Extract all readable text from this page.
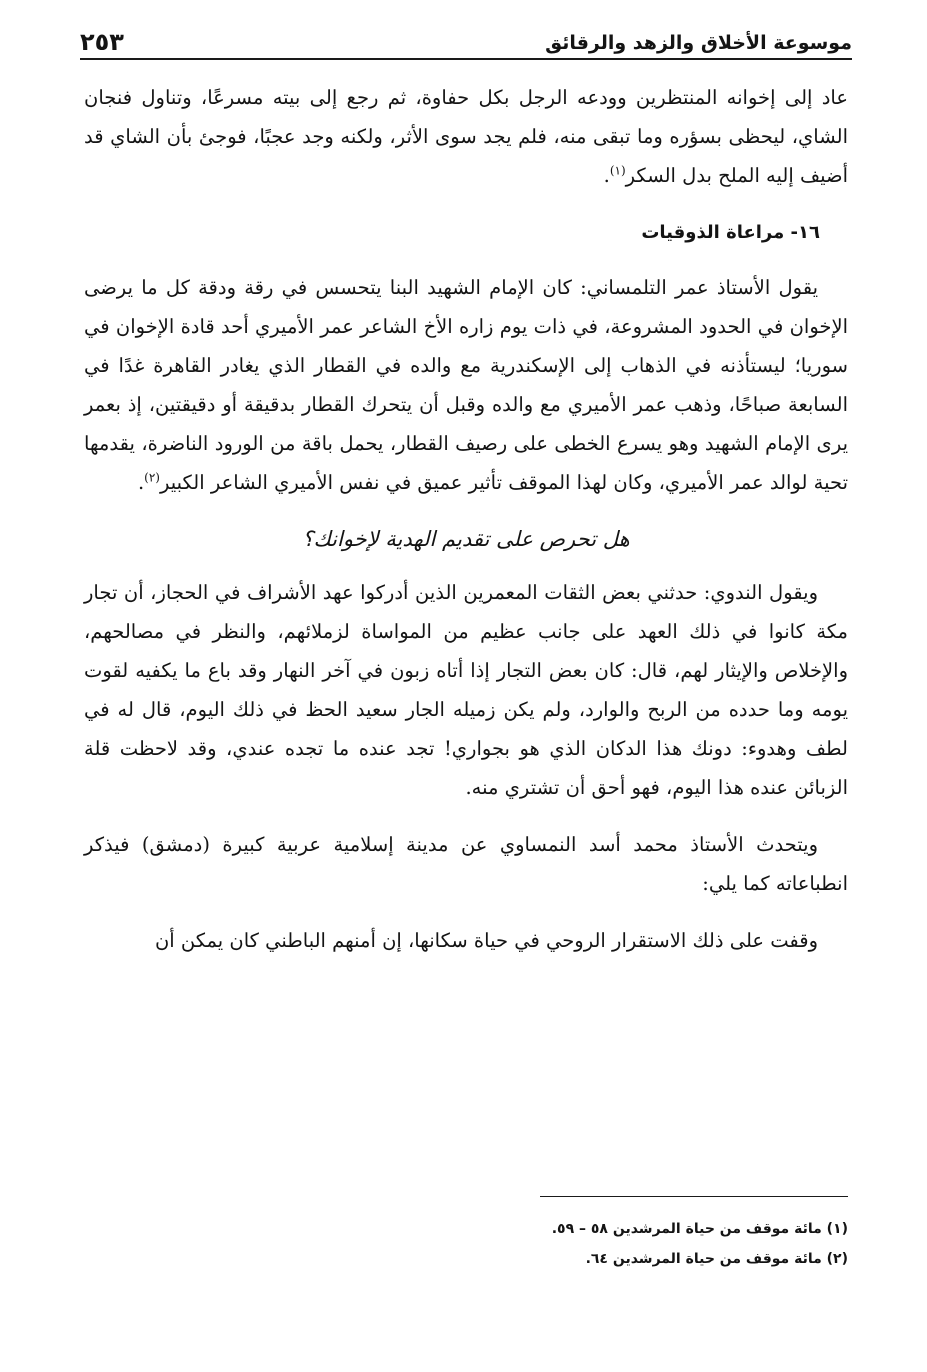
موسوعة الأخلاق والزهد والرقائق
٢٥٣

عاد إلى إخوانه المنتظرين وودعه الرجل بكل حفاوة، ثم رجع إلى بيته مسرعًا، وتناول فنجان الشاي، ليحظى بسؤره وما تبقى منه، فلم يجد سوى الأثر، ولكنه وجد عجبًا، فوجئ بأن الشاي قد أضيف إليه الملح بدل السكر$^{(١)}$.

١٦- مراعاة الذوقيات

يقول الأستاذ عمر التلمساني: كان الإمام الشهيد البنا يتحسس في رقة ودقة كل ما يرضى الإخوان في الحدود المشروعة، في ذات يوم زاره الأخ الشاعر عمر الأميري أحد قادة الإخوان في سوريا؛ ليستأذنه في الذهاب إلى الإسكندرية مع والده في القطار الذي يغادر القاهرة غدًا في السابعة صباحًا، وذهب عمر الأميري مع والده وقبل أن يتحرك القطار بدقيقة أو دقيقتين، إذ بعمر يرى الإمام الشهيد وهو يسرع الخطى على رصيف القطار، يحمل باقة من الورود الناضرة، يقدمها تحية لوالد عمر الأميري، وكان لهذا الموقف تأثير عميق في نفس الأميري الشاعر الكبير$^{(٢)}$.

هل تحرص على تقديم الهدية لإخوانك؟

ويقول الندوي: حدثني بعض الثقات المعمرين الذين أدركوا عهد الأشراف في الحجاز، أن تجار مكة كانوا في ذلك العهد على جانب عظيم من المواساة لزملائهم، والنظر في مصالحهم، والإخلاص والإيثار لهم، قال: كان بعض التجار إذا أتاه زبون في آخر النهار وقد باع ما يكفيه لقوت يومه وما حدده من الربح والوارد، ولم يكن زميله الجار سعيد الحظ في ذلك اليوم، قال له في لطف وهدوء: دونك هذا الدكان الذي هو بجواري! تجد عنده ما تجده عندي، وقد لاحظت قلة الزبائن عنده هذا اليوم، فهو أحق أن تشتري منه.

ويتحدث الأستاذ محمد أسد النمساوي عن مدينة إسلامية عربية كبيرة (دمشق) فيذكر انطباعاته كما يلي:

وقفت على ذلك الاستقرار الروحي في حياة سكانها، إن أمنهم الباطني كان يمكن أن

(١) مائة موقف من حياة المرشدين ٥٨ – ٥٩.
(٢) مائة موقف من حياة المرشدين ٦٤.
